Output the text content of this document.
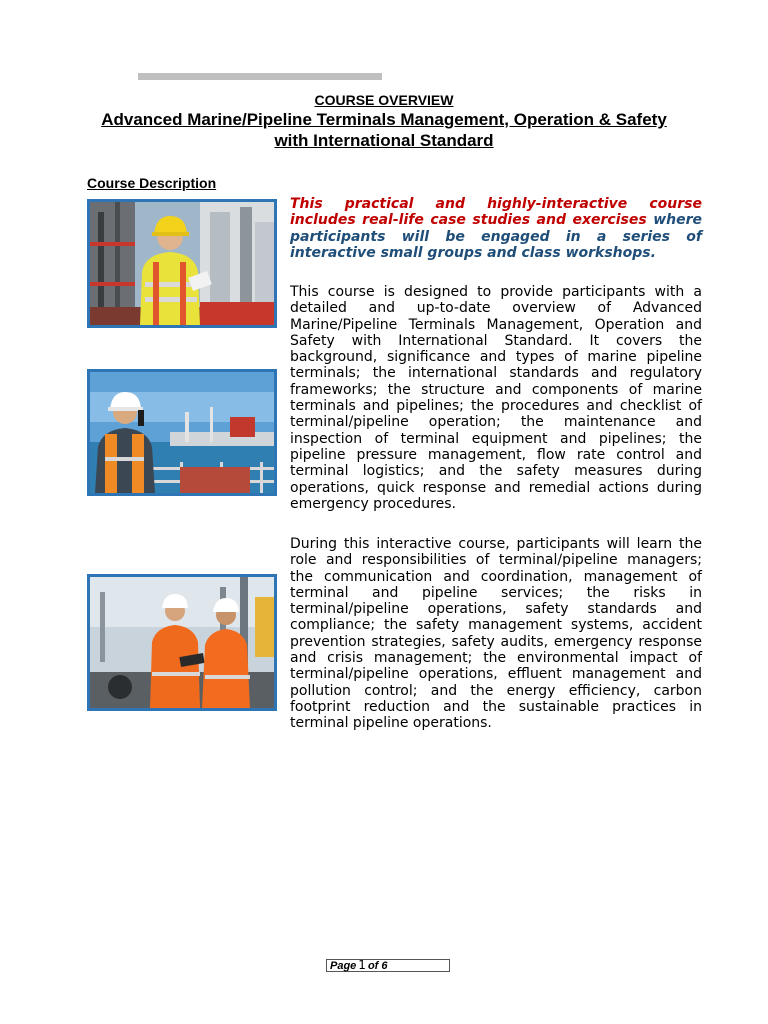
COURSE OVERVIEW
Advanced Marine/Pipeline Terminals Management, Operation & Safety with International Standard
Course Description
This practical and highly-interactive course includes real-life case studies and exercises where participants will be engaged in a series of interactive small groups and class workshops.
This course is designed to provide participants with a detailed and up-to-date overview of Advanced Marine/Pipeline Terminals Management, Operation and Safety with International Standard. It covers the background, significance and types of marine pipeline terminals; the international standards and regulatory frameworks; the structure and components of marine terminals and pipelines; the procedures and checklist of terminal/pipeline operation; the maintenance and inspection of terminal equipment and pipelines; the pipeline pressure management, flow rate control and terminal logistics; and the safety measures during operations, quick response and remedial actions during emergency procedures.
During this interactive course, participants will learn the role and responsibilities of terminal/pipeline managers; the communication and coordination, management of terminal and pipeline services; the risks in terminal/pipeline operations, safety standards and compliance; the safety management systems, accident prevention strategies, safety audits, emergency response and crisis management; the environmental impact of terminal/pipeline operations, effluent management and pollution control; and the energy efficiency, carbon footprint reduction and the sustainable practices in terminal pipeline operations.
Page 1 of 6
